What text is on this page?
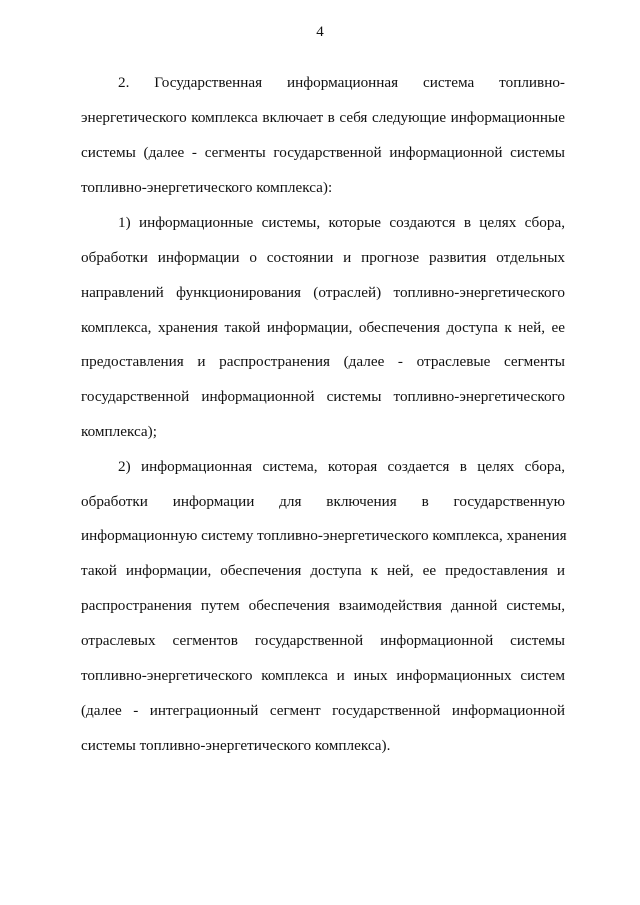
4
2. Государственная информационная система топливно-
энергетического комплекса включает в себя следующие информационные
системы (далее - сегменты государственной информационной системы
топливно-энергетического комплекса):
1) информационные системы, которые создаются в целях сбора,
обработки информации о состоянии и прогнозе развития отдельных
направлений функционирования (отраслей) топливно-энергетического
комплекса, хранения такой информации, обеспечения доступа к ней, ее
предоставления и распространения (далее - отраслевые сегменты
государственной информационной системы топливно-энергетического
комплекса);
2) информационная система, которая создается в целях сбора,
обработки информации для включения в государственную
информационную систему топливно-энергетического комплекса, хранения
такой информации, обеспечения доступа к ней, ее предоставления и
распространения путем обеспечения взаимодействия данной системы,
отраслевых сегментов государственной информационной системы
топливно-энергетического комплекса и иных информационных систем
(далее - интеграционный сегмент государственной информационной
системы топливно-энергетического комплекса).
